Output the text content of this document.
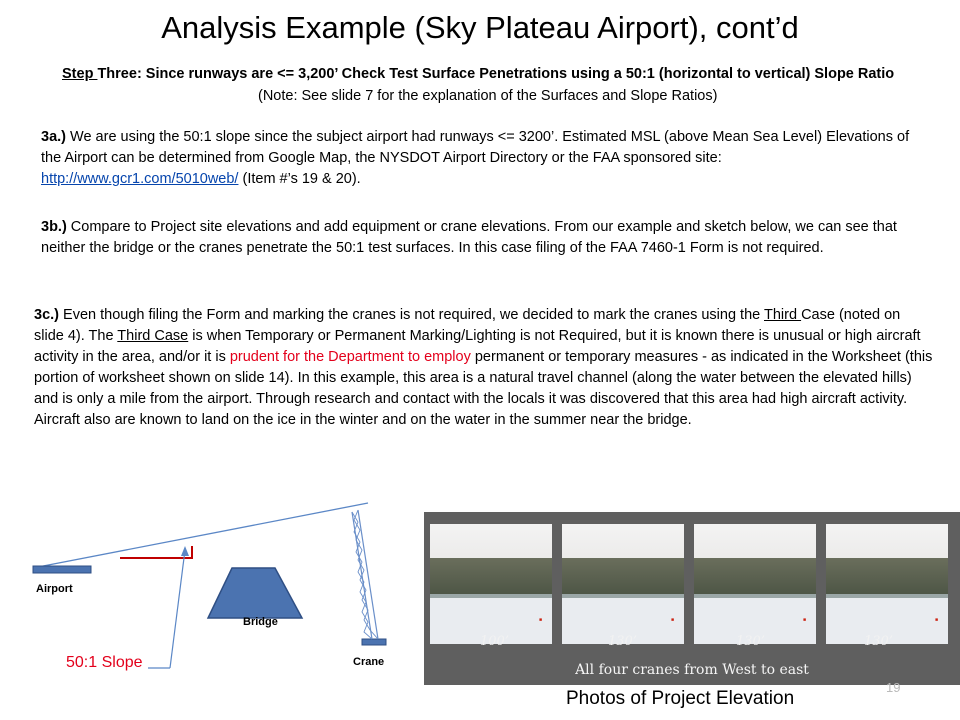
Analysis Example (Sky Plateau Airport), cont’d
Step Three: Since runways are <= 3,200’ Check Test Surface Penetrations using a 50:1 (horizontal to vertical) Slope Ratio
(Note: See slide 7 for the explanation of the Surfaces and Slope Ratios)
3a.) We are using the 50:1 slope since the subject airport had runways <= 3200’. Estimated MSL (above Mean Sea Level) Elevations of the Airport can be determined from Google Map, the NYSDOT Airport Directory or the FAA sponsored site: http://www.gcr1.com/5010web/ (Item #’s 19 & 20).
3b.) Compare to Project site elevations and add equipment or crane elevations. From our example and sketch below, we can see that neither the bridge or the cranes penetrate the 50:1 test surfaces. In this case filing of the FAA 7460-1 Form is not required.
3c.) Even though filing the Form and marking the cranes is not required, we decided to mark the cranes using the Third Case (noted on slide 4). The Third Case is when Temporary or Permanent Marking/Lighting is not Required, but it is known there is unusual or high aircraft activity in the area, and/or it is prudent for the Department to employ permanent or temporary measures - as indicated in the Worksheet (this portion of worksheet shown on slide 14). In this example, this area is a natural travel channel (along the water between the elevated hills) and is only a mile from the airport. Through research and contact with the locals it was discovered that this area had high aircraft activity. Aircraft also are known to land on the ice in the winter and on the water in the summer near the bridge.
Airport
Bridge
Crane
50:1 Slope
■	■	■	■
100’	130’	130’	130’
All four cranes from West to east
Photos of Project Elevation
19
